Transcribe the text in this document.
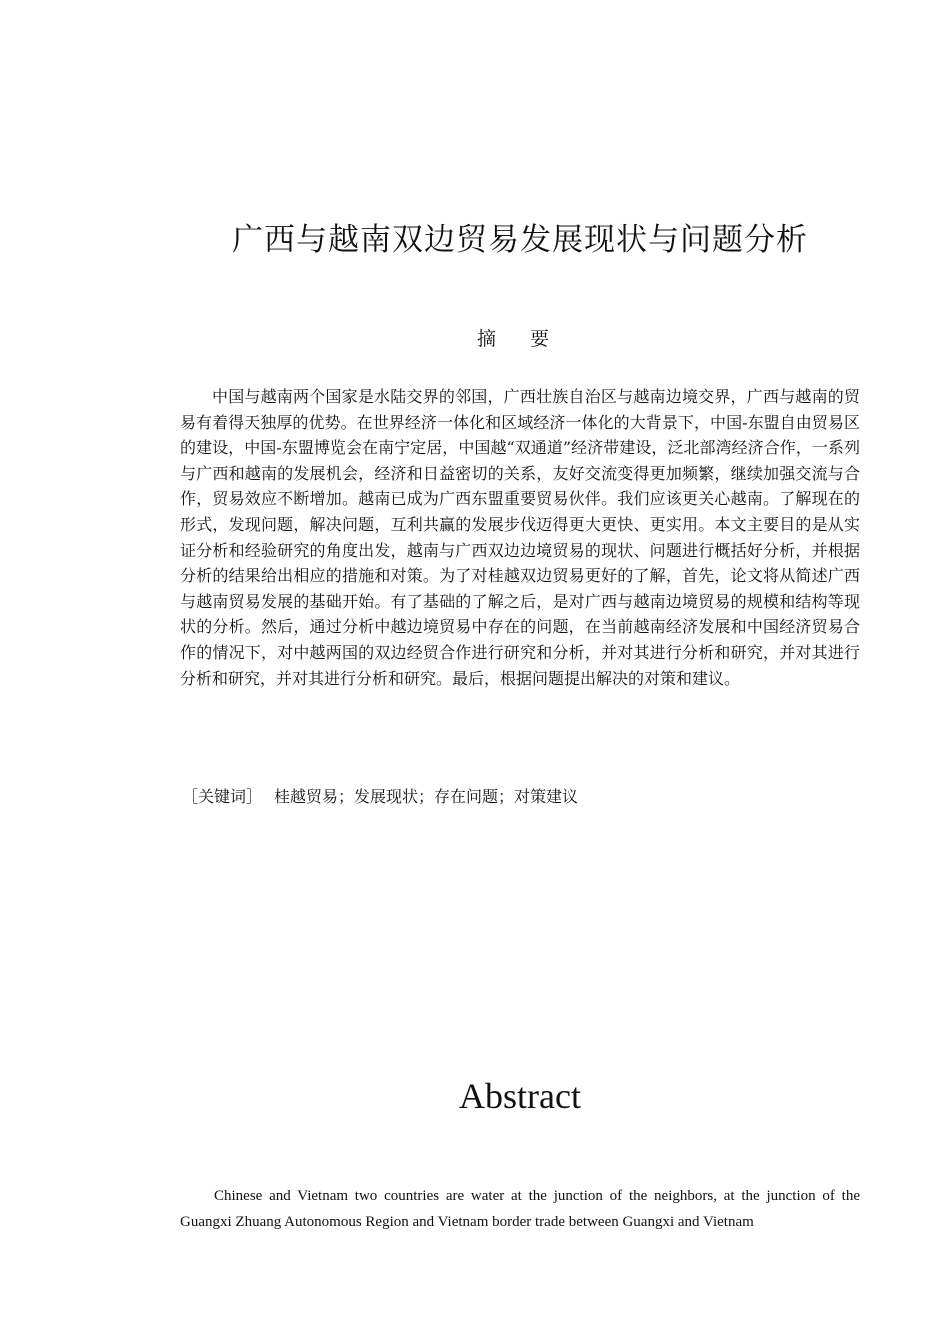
广西与越南双边贸易发展现状与问题分析
摘 要

中国与越南两个国家是水陆交界的邻国，广西壮族自治区与越南边境交界，广西与越南的贸易有着得天独厚的优势。在世界经济一体化和区域经济一体化的大背景下，中国-东盟自由贸易区的建设，中国-东盟博览会在南宁定居，中国越“双通道”经济带建设，泛北部湾经济合作，一系列与广西和越南的发展机会，经济和日益密切的关系，友好交流变得更加频繁，继续加强交流与合作，贸易效应不断增加。越南已成为广西东盟重要贸易伙伴。我们应该更关心越南。了解现在的形式，发现问题，解决问题，互利共赢的发展步伐迈得更大更快、更实用。本文主要目的是从实证分析和经验研究的角度出发，越南与广西双边边境贸易的现状、问题进行概括好分析，并根据分析的结果给出相应的措施和对策。为了对桂越双边贸易更好的了解，首先，论文将从简述广西与越南贸易发展的基础开始。有了基础的了解之后，是对广西与越南边境贸易的规模和结构等现状的分析。然后，通过分析中越边境贸易中存在的问题，在当前越南经济发展和中国经济贸易合作的情况下，对中越两国的双边经贸合作进行研究和分析，并对其进行分析和研究，并对其进行分析和研究，并对其进行分析和研究。最后，根据问题提出解决的对策和建议。

［关键词］ 桂越贸易；发展现状；存在问题；对策建议
Abstract

Chinese and Vietnam two countries are water at the junction of the neighbors, at the junction of the Guangxi Zhuang Autonomous Region and Vietnam border trade between Guangxi and Vietnam
